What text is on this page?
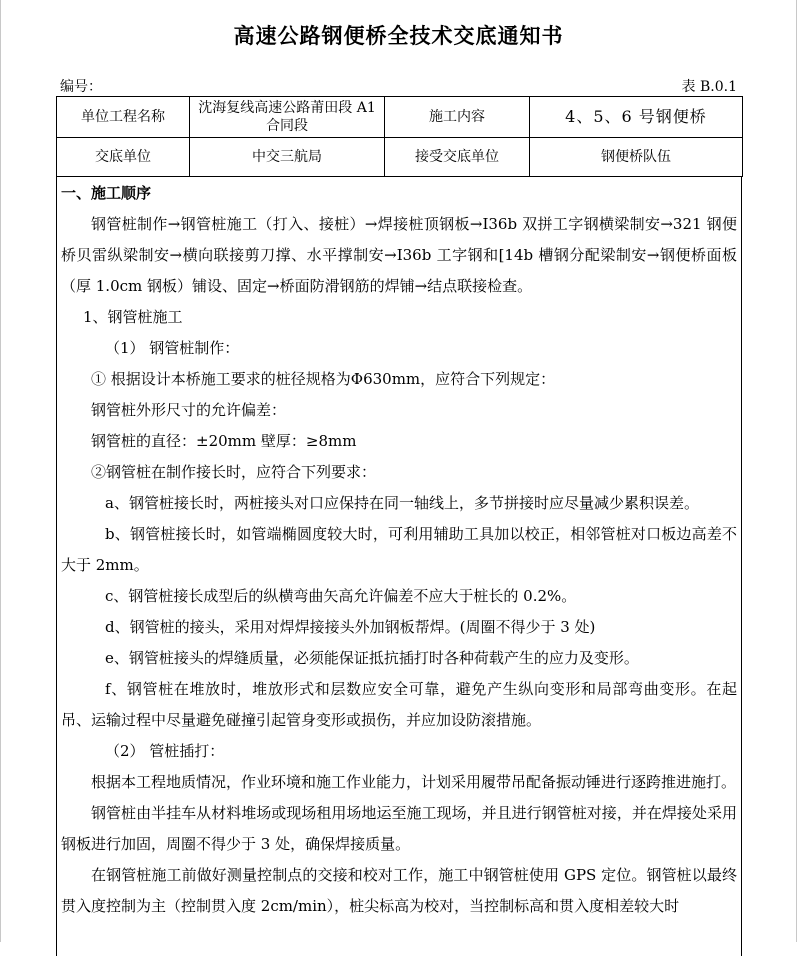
高速公路钢便桥全技术交底通知书
编号：	表 B.0.1
单位工程名称	沈海复线高速公路莆田段 A1 合同段	施工内容	4、5、6 号钢便桥
交底单位	中交三航局	接受交底单位	钢便桥队伍

一、施工顺序

钢管桩制作→钢管桩施工（打入、接桩）→焊接桩顶钢板→I36b 双拼工字钢横梁制安→321 钢便桥贝雷纵梁制安→横向联接剪刀撑、水平撑制安→I36b 工字钢和[14b 槽钢分配梁制安→钢便桥面板（厚 1.0cm 钢板）铺设、固定→桥面防滑钢筋的焊铺→结点联接检查。

1、钢管桩施工

（1） 钢管桩制作：

① 根据设计本桥施工要求的桩径规格为Φ630mm，应符合下列规定：

钢管桩外形尺寸的允许偏差：

钢管桩的直径：±20mm 壁厚：≥8mm

②钢管桩在制作接长时，应符合下列要求：

a、钢管桩接长时，两桩接头对口应保持在同一轴线上，多节拼接时应尽量减少累积误差。

b、钢管桩接长时，如管端椭圆度较大时，可利用辅助工具加以校正，相邻管桩对口板边高差不大于 2mm。

c、钢管桩接长成型后的纵横弯曲矢高允许偏差不应大于桩长的 0.2%。

d、钢管桩的接头，采用对焊焊接接头外加钢板帮焊。(周圈不得少于 3 处)

e、钢管桩接头的焊缝质量，必须能保证抵抗插打时各种荷载产生的应力及变形。

f、钢管桩在堆放时，堆放形式和层数应安全可靠，避免产生纵向变形和局部弯曲变形。在起吊、运输过程中尽量避免碰撞引起管身变形或损伤，并应加设防滚措施。

（2） 管桩插打：

根据本工程地质情况，作业环境和施工作业能力，计划采用履带吊配备振动锤进行逐跨推进施打。

钢管桩由半挂车从材料堆场或现场租用场地运至施工现场，并且进行钢管桩对接，并在焊接处采用钢板进行加固，周圈不得少于 3 处，确保焊接质量。

在钢管桩施工前做好测量控制点的交接和校对工作，施工中钢管桩使用 GPS 定位。钢管桩以最终贯入度控制为主（控制贯入度 2cm/min），桩尖标高为校对，当控制标高和贯入度相差较大时
